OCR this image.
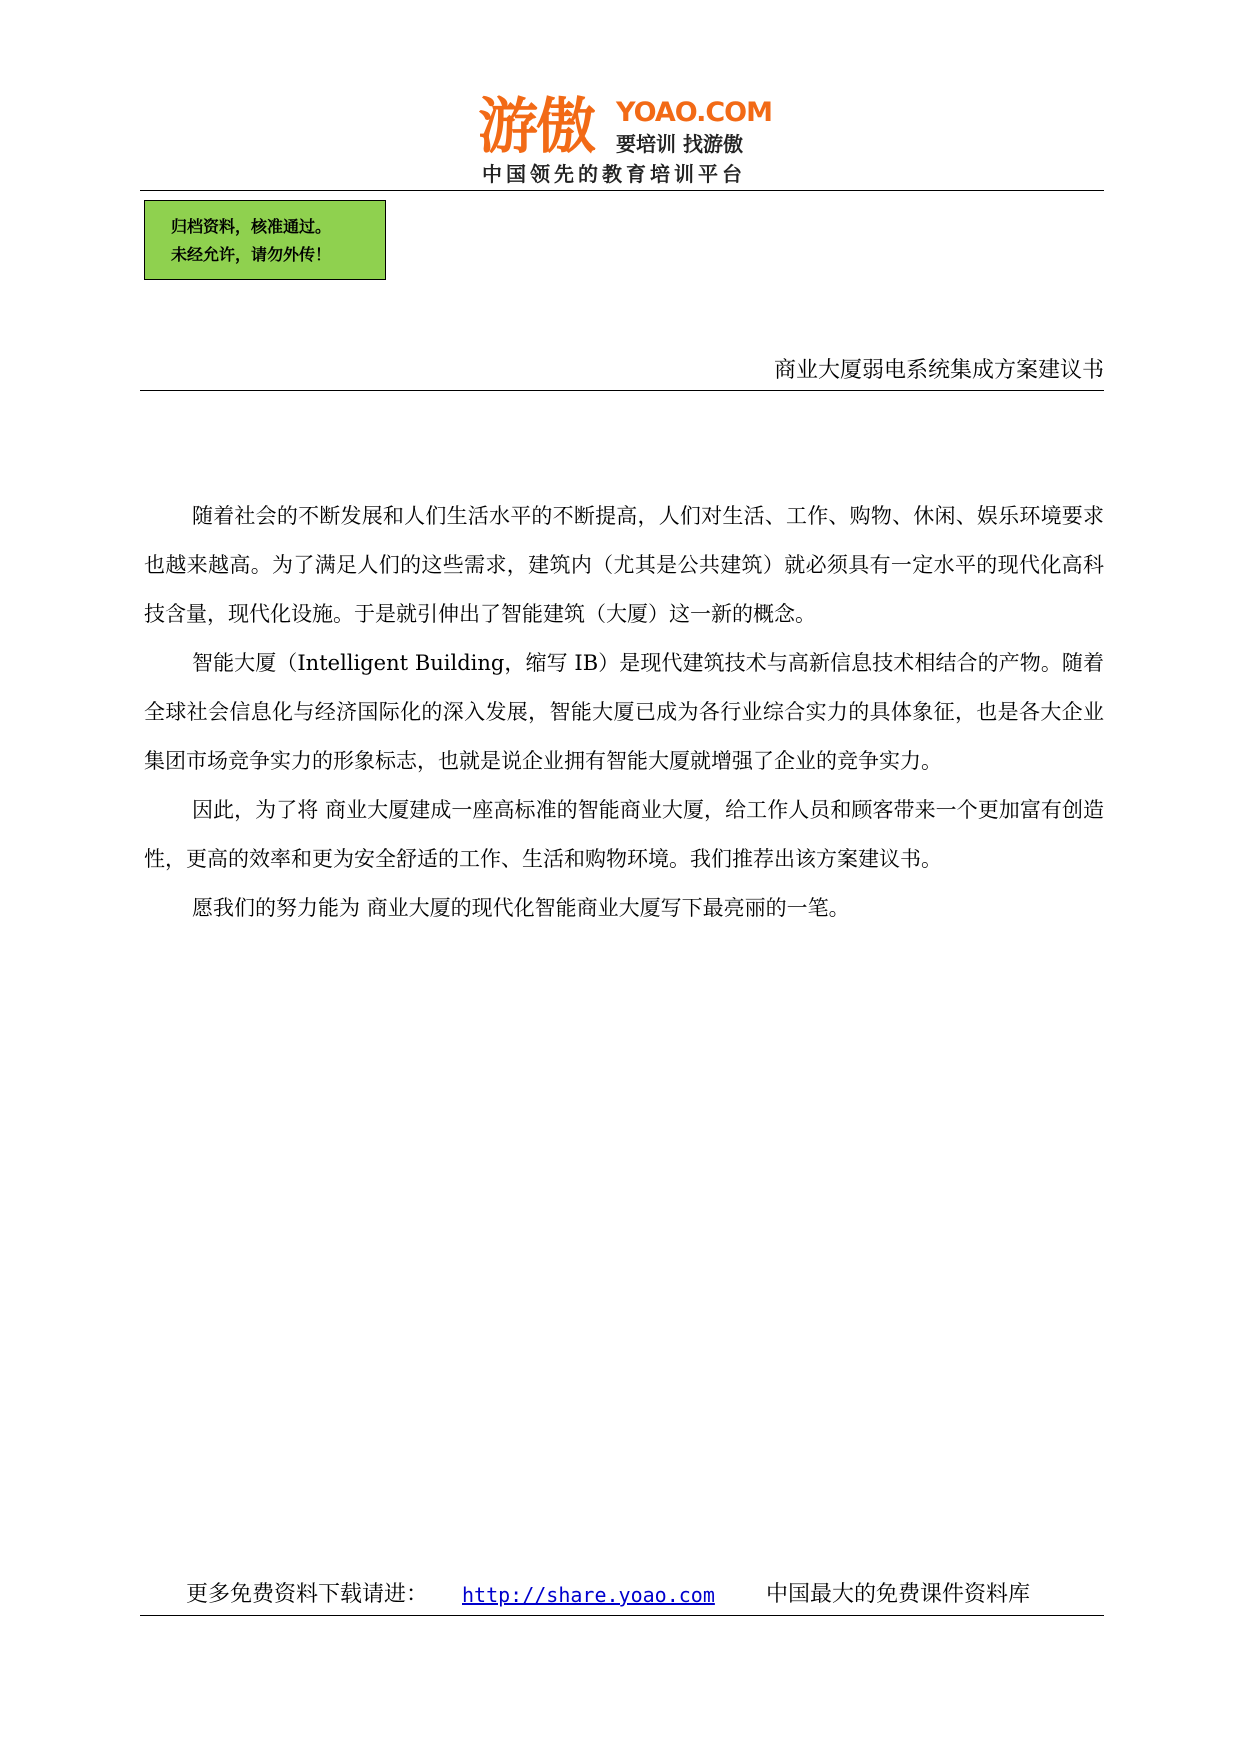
游傲 YOAO.COM
要培训 找游傲
中国领先的教育培训平台
归档资料，核准通过。
未经允许，请勿外传！
商业大厦弱电系统集成方案建议书

随着社会的不断发展和人们生活水平的不断提高，人们对生活、工作、购物、休闲、娱乐环境要求也越来越高。为了满足人们的这些需求，建筑内（尤其是公共建筑）就必须具有一定水平的现代化高科技含量，现代化设施。于是就引伸出了智能建筑（大厦）这一新的概念。

智能大厦（Intelligent Building，缩写 IB）是现代建筑技术与高新信息技术相结合的产物。随着全球社会信息化与经济国际化的深入发展，智能大厦已成为各行业综合实力的具体象征，也是各大企业集团市场竞争实力的形象标志，也就是说企业拥有智能大厦就增强了企业的竞争实力。

因此，为了将 商业大厦建成一座高标准的智能商业大厦，给工作人员和顾客带来一个更加富有创造性，更高的效率和更为安全舒适的工作、生活和购物环境。我们推荐出该方案建议书。

愿我们的努力能为 商业大厦的现代化智能商业大厦写下最亮丽的一笔。

更多免费资料下载请进： http://share.yoao.com 中国最大的免费课件资料库
